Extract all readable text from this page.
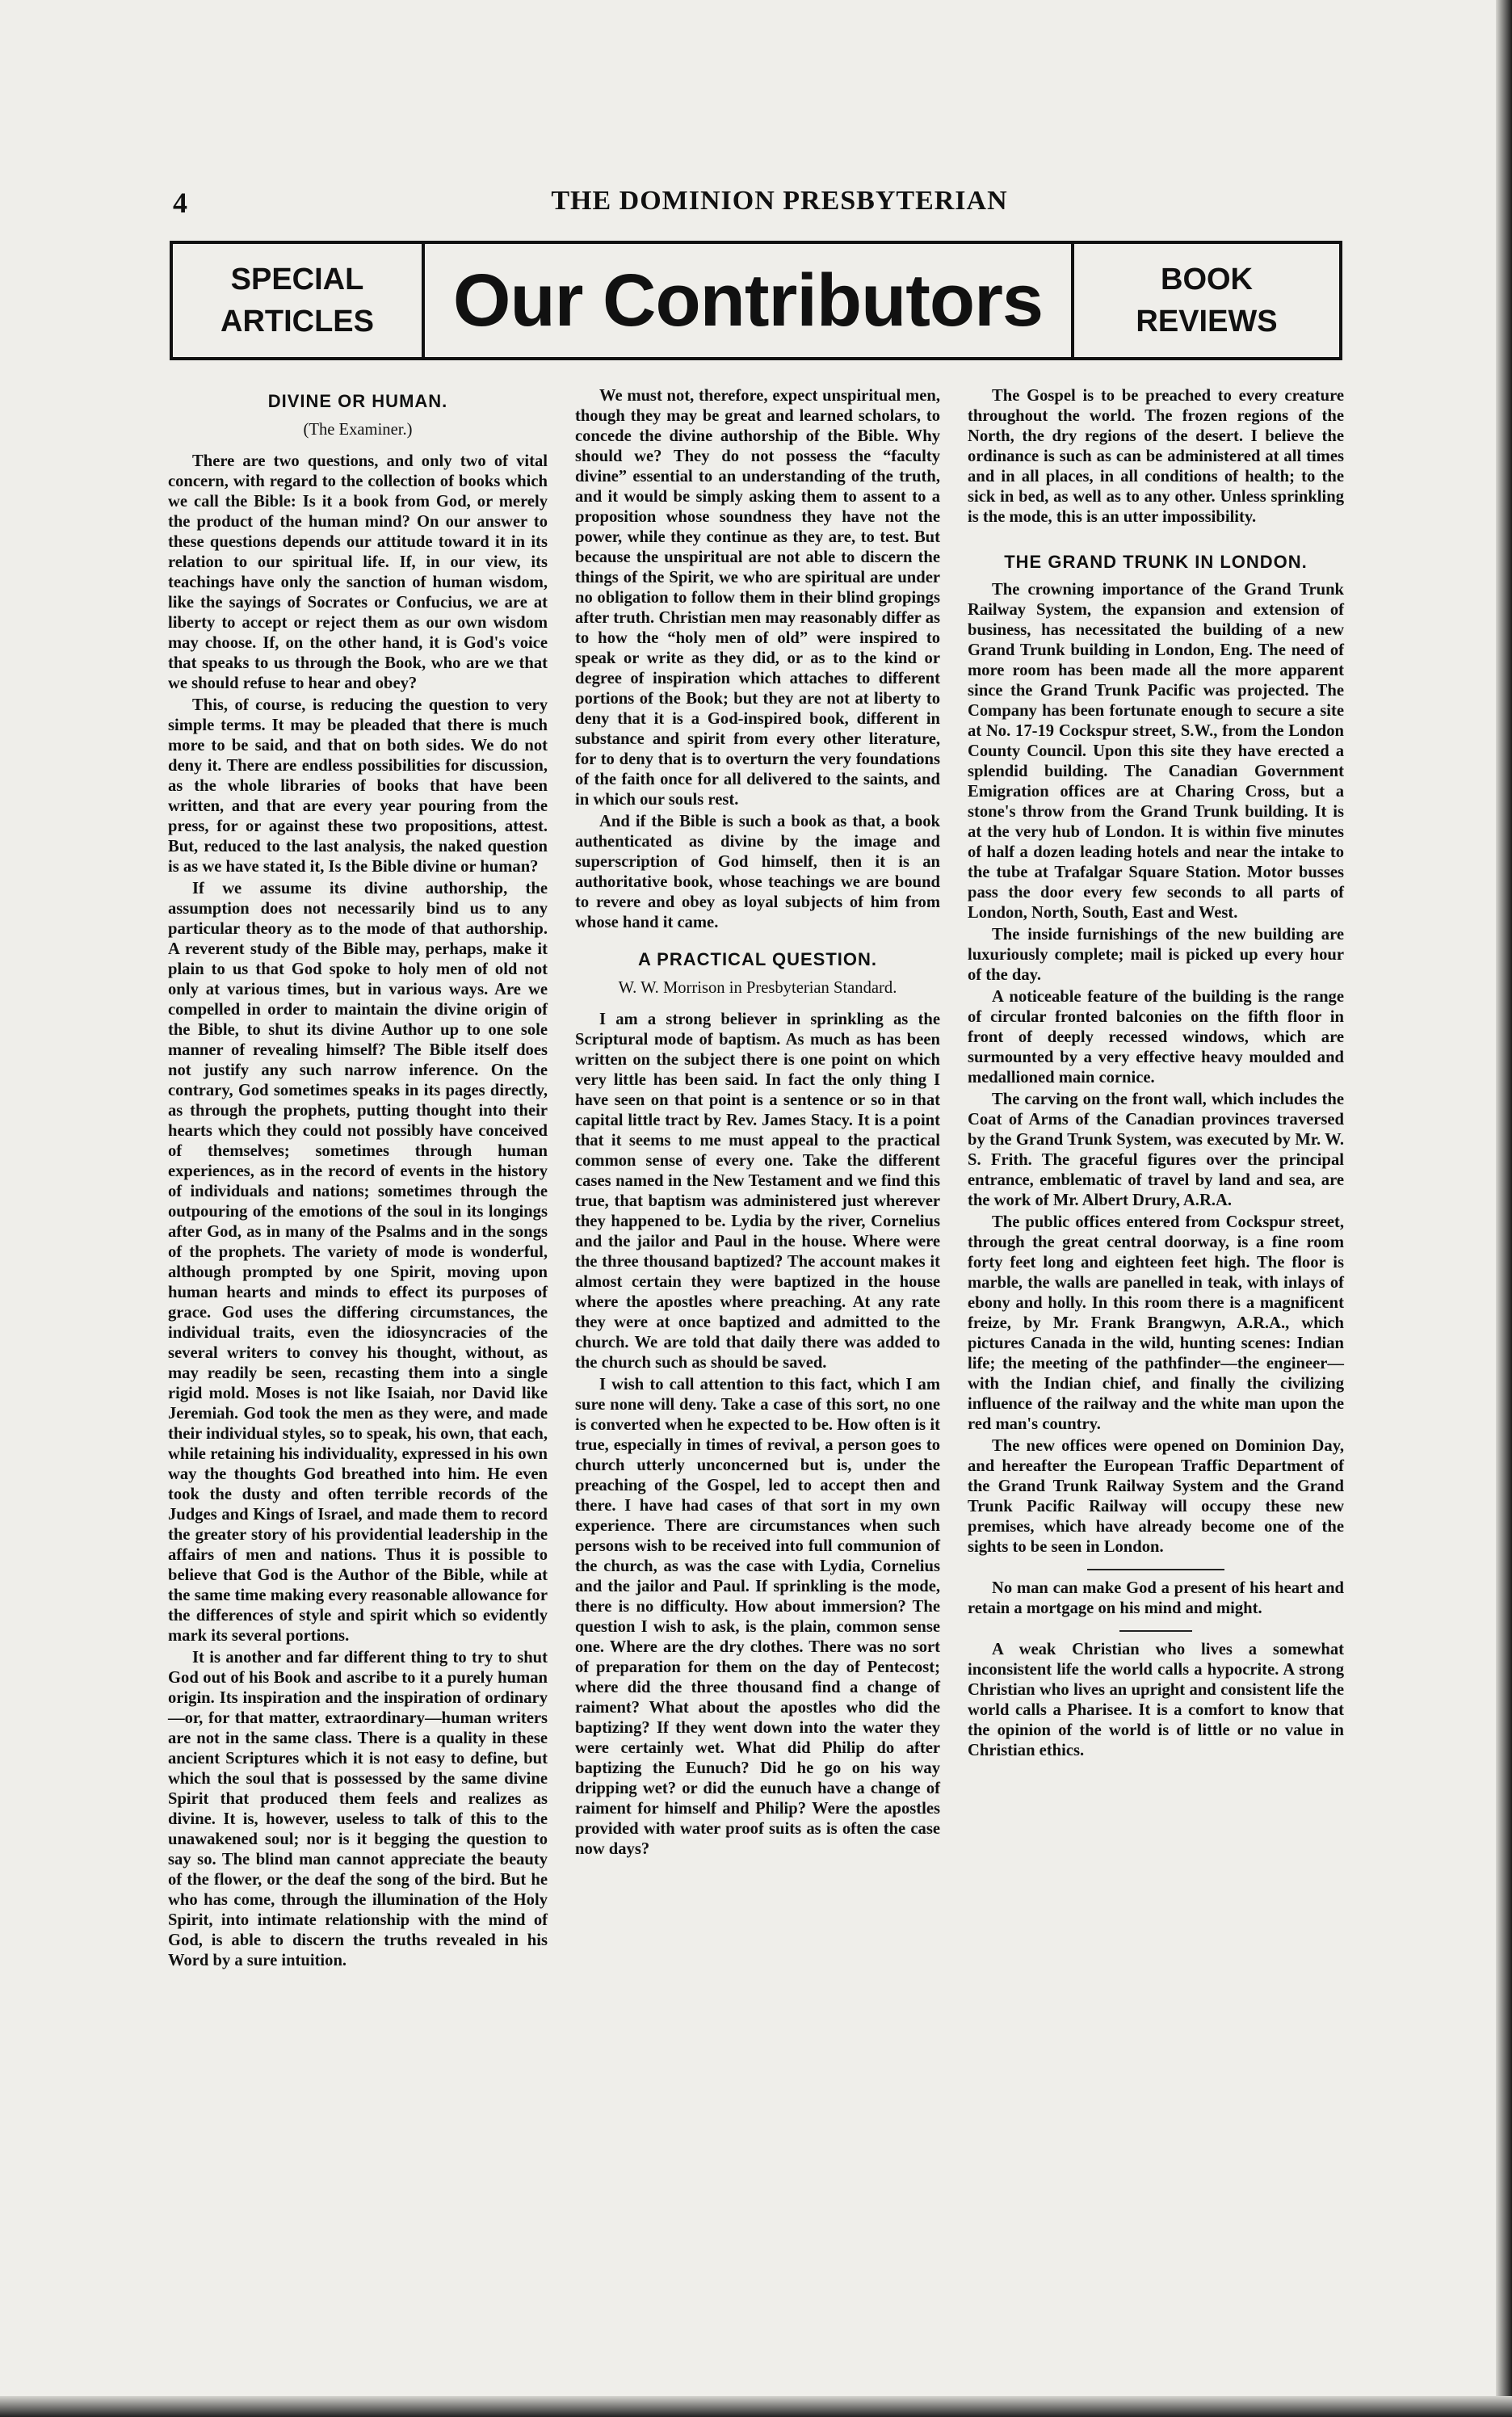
4	THE DOMINION PRESBYTERIAN
SPECIAL
ARTICLES	Our Contributors	BOOK
REVIEWS
DIVINE OR HUMAN.
(The Examiner.)

There are two questions, and only two of vital concern, with regard to the collection of books which we call the Bible: Is it a book from God, or merely the product of the human mind? On our answer to these questions depends our attitude toward it in its relation to our spiritual life. If, in our view, its teachings have only the sanction of human wisdom, like the sayings of Socrates or Confucius, we are at liberty to accept or reject them as our own wisdom may choose. If, on the other hand, it is God's voice that speaks to us through the Book, who are we that we should refuse to hear and obey?

This, of course, is reducing the question to very simple terms. It may be pleaded that there is much more to be said, and that on both sides. We do not deny it. There are endless possibilities for discussion, as the whole libraries of books that have been written, and that are every year pouring from the press, for or against these two propositions, attest. But, reduced to the last analysis, the naked question is as we have stated it, Is the Bible divine or human?

If we assume its divine authorship, the assumption does not necessarily bind us to any particular theory as to the mode of that authorship. A reverent study of the Bible may, perhaps, make it plain to us that God spoke to holy men of old not only at various times, but in various ways. Are we compelled in order to maintain the divine origin of the Bible, to shut its divine Author up to one sole manner of revealing himself? The Bible itself does not justify any such narrow inference. On the contrary, God sometimes speaks in its pages directly, as through the prophets, putting thought into their hearts which they could not possibly have conceived of themselves; sometimes through human experiences, as in the record of events in the history of individuals and nations; sometimes through the outpouring of the emotions of the soul in its longings after God, as in many of the Psalms and in the songs of the prophets. The variety of mode is wonderful, although prompted by one Spirit, moving upon human hearts and minds to effect its purposes of grace. God uses the differing circumstances, the individual traits, even the idiosyncracies of the several writers to convey his thought, without, as may readily be seen, recasting them into a single rigid mold. Moses is not like Isaiah, nor David like Jeremiah. God took the men as they were, and made their individual styles, so to speak, his own, that each, while retaining his individuality, expressed in his own way the thoughts God breathed into him. He even took the dusty and often terrible records of the Judges and Kings of Israel, and made them to record the greater story of his providential leadership in the affairs of men and nations. Thus it is possible to believe that God is the Author of the Bible, while at the same time making every reasonable allowance for the differences of style and spirit which so evidently mark its several portions.

It is another and far different thing to try to shut God out of his Book and ascribe to it a purely human origin. Its inspiration and the inspiration of ordinary—or, for that matter, extraordinary—human writers are not in the same class. There is a quality in these ancient Scriptures which it is not easy to define, but which the soul that is possessed by the same divine Spirit that produced them feels and realizes as divine. It is, however, useless to talk of this to the unawakened soul; nor is it begging the question to say so. The blind man cannot appreciate the beauty of the flower, or the deaf the song of the bird. But he who has come, through the illumination of the Holy Spirit, into intimate relationship with the mind of God, is able to discern the truths revealed in his Word by a sure intuition.

We must not, therefore, expect unspiritual men, though they may be great and learned scholars, to concede the divine authorship of the Bible. Why should we? They do not possess the “faculty divine” essential to an understanding of the truth, and it would be simply asking them to assent to a proposition whose soundness they have not the power, while they continue as they are, to test. But because the unspiritual are not able to discern the things of the Spirit, we who are spiritual are under no obligation to follow them in their blind gropings after truth. Christian men may reasonably differ as to how the “holy men of old” were inspired to speak or write as they did, or as to the kind or degree of inspiration which attaches to different portions of the Book; but they are not at liberty to deny that it is a God-inspired book, different in substance and spirit from every other literature, for to deny that is to overturn the very foundations of the faith once for all delivered to the saints, and in which our souls rest.

And if the Bible is such a book as that, a book authenticated as divine by the image and superscription of God himself, then it is an authoritative book, whose teachings we are bound to revere and obey as loyal subjects of him from whose hand it came.

A PRACTICAL QUESTION.
W. W. Morrison in Presbyterian Standard.

I am a strong believer in sprinkling as the Scriptural mode of baptism. As much as has been written on the subject there is one point on which very little has been said. In fact the only thing I have seen on that point is a sentence or so in that capital little tract by Rev. James Stacy. It is a point that it seems to me must appeal to the practical common sense of every one. Take the different cases named in the New Testament and we find this true, that baptism was administered just wherever they happened to be. Lydia by the river, Cornelius and the jailor and Paul in the house. Where were the three thousand baptized? The account makes it almost certain they were baptized in the house where the apostles where preaching. At any rate they were at once baptized and admitted to the church. We are told that daily there was added to the church such as should be saved.

I wish to call attention to this fact, which I am sure none will deny. Take a case of this sort, no one is converted when he expected to be. How often is it true, especially in times of revival, a person goes to church utterly unconcerned but is, under the preaching of the Gospel, led to accept then and there. I have had cases of that sort in my own experience. There are circumstances when such persons wish to be received into full communion of the church, as was the case with Lydia, Cornelius and the jailor and Paul. If sprinkling is the mode, there is no difficulty. How about immersion? The question I wish to ask, is the plain, common sense one. Where are the dry clothes. There was no sort of preparation for them on the day of Pentecost; where did the three thousand find a change of raiment? What about the apostles who did the baptizing? If they went down into the water they were certainly wet. What did Philip do after baptizing the Eunuch? Did he go on his way dripping wet? or did the eunuch have a change of raiment for himself and Philip? Were the apostles provided with water proof suits as is often the case now days?

The Gospel is to be preached to every creature throughout the world. The frozen regions of the North, the dry regions of the desert. I believe the ordinance is such as can be administered at all times and in all places, in all conditions of health; to the sick in bed, as well as to any other. Unless sprinkling is the mode, this is an utter impossibility.

THE GRAND TRUNK IN LONDON.

The crowning importance of the Grand Trunk Railway System, the expansion and extension of business, has necessitated the building of a new Grand Trunk building in London, Eng. The need of more room has been made all the more apparent since the Grand Trunk Pacific was projected. The Company has been fortunate enough to secure a site at No. 17-19 Cockspur street, S.W., from the London County Council. Upon this site they have erected a splendid building. The Canadian Government Emigration offices are at Charing Cross, but a stone's throw from the Grand Trunk building. It is at the very hub of London. It is within five minutes of half a dozen leading hotels and near the intake to the tube at Trafalgar Square Station. Motor busses pass the door every few seconds to all parts of London, North, South, East and West.

The inside furnishings of the new building are luxuriously complete; mail is picked up every hour of the day.

A noticeable feature of the building is the range of circular fronted balconies on the fifth floor in front of deeply recessed windows, which are surmounted by a very effective heavy moulded and medallioned main cornice.

The carving on the front wall, which includes the Coat of Arms of the Canadian provinces traversed by the Grand Trunk System, was executed by Mr. W. S. Frith. The graceful figures over the principal entrance, emblematic of travel by land and sea, are the work of Mr. Albert Drury, A.R.A.

The public offices entered from Cockspur street, through the great central doorway, is a fine room forty feet long and eighteen feet high. The floor is marble, the walls are panelled in teak, with inlays of ebony and holly. In this room there is a magnificent freize, by Mr. Frank Brangwyn, A.R.A., which pictures Canada in the wild, hunting scenes: Indian life; the meeting of the pathfinder—the engineer—with the Indian chief, and finally the civilizing influence of the railway and the white man upon the red man's country.

The new offices were opened on Dominion Day, and hereafter the European Traffic Department of the Grand Trunk Railway System and the Grand Trunk Pacific Railway will occupy these new premises, which have already become one of the sights to be seen in London.

No man can make God a present of his heart and retain a mortgage on his mind and might.

A weak Christian who lives a somewhat inconsistent life the world calls a hypocrite. A strong Christian who lives an upright and consistent life the world calls a Pharisee. It is a comfort to know that the opinion of the world is of little or no value in Christian ethics.
